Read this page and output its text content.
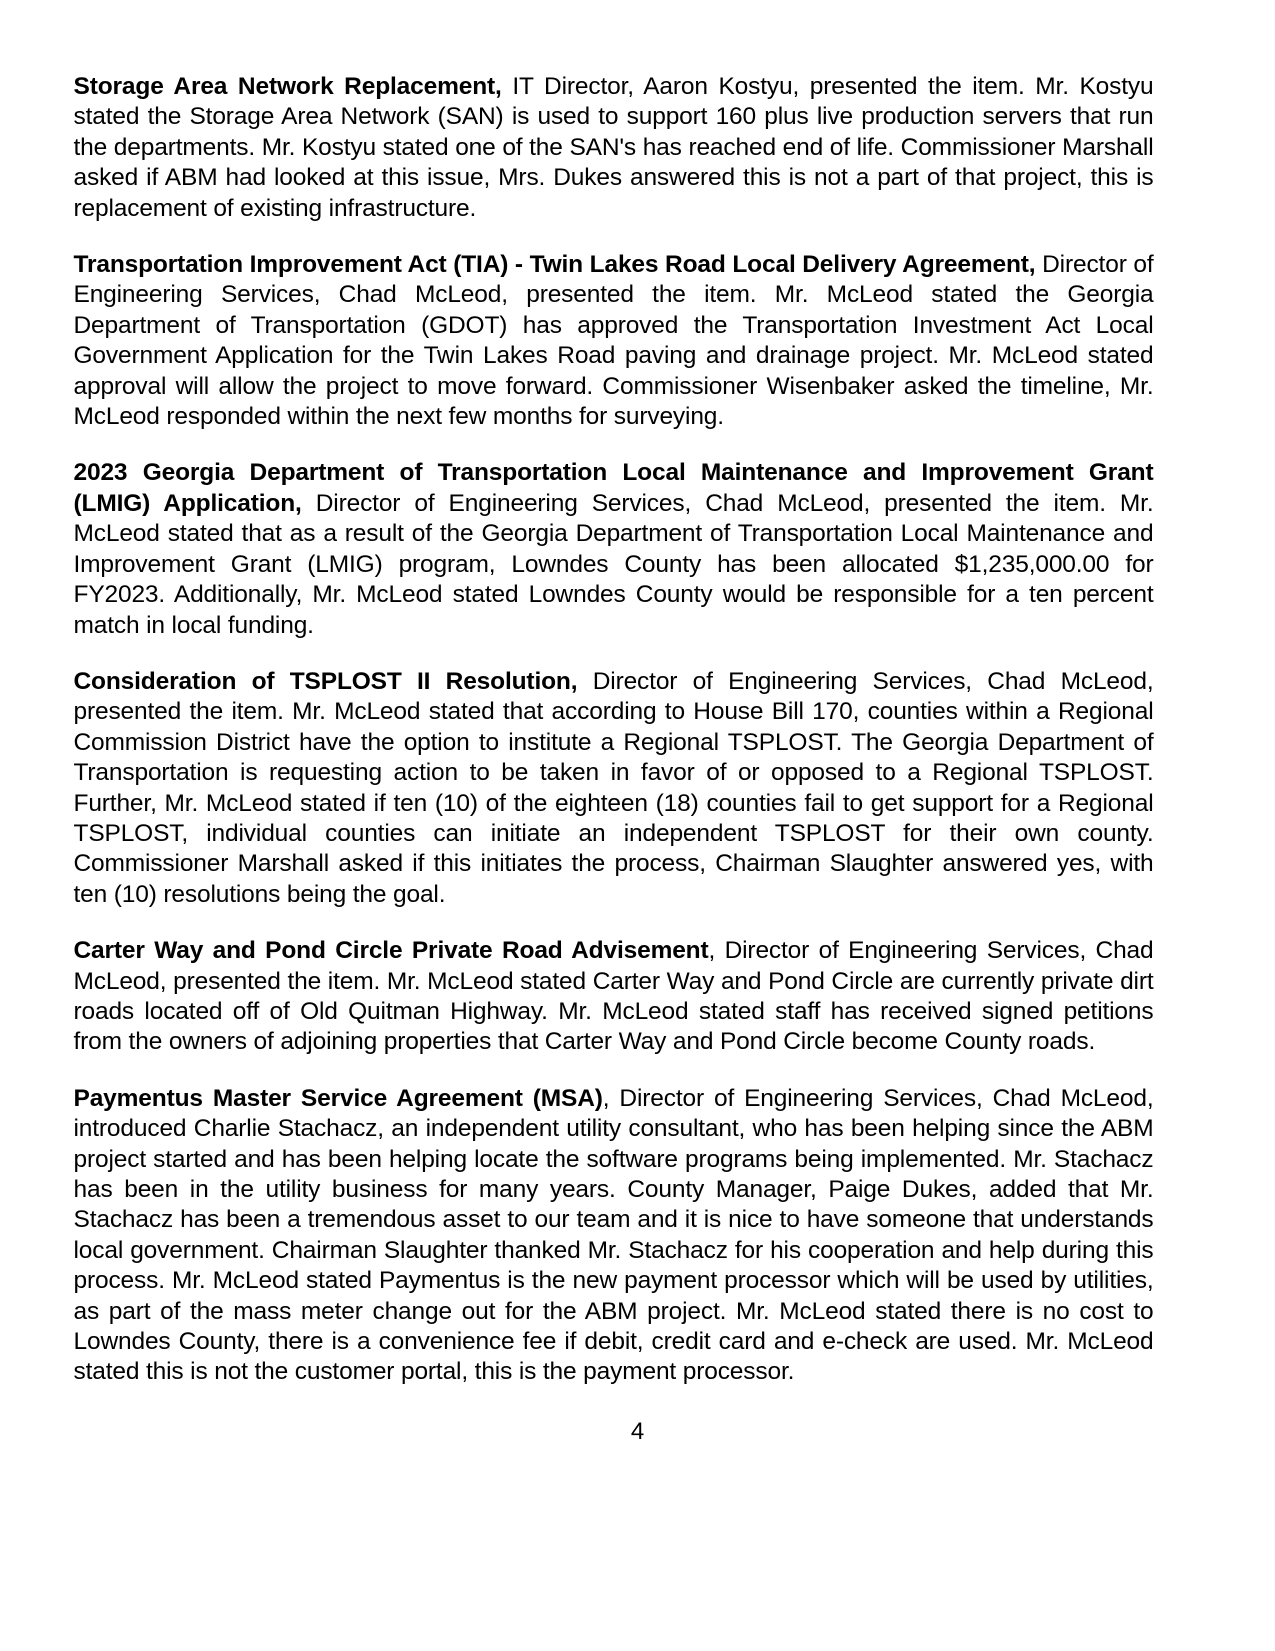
Storage Area Network Replacement, IT Director, Aaron Kostyu, presented the item. Mr. Kostyu stated the Storage Area Network (SAN) is used to support 160 plus live production servers that run the departments. Mr. Kostyu stated one of the SAN's has reached end of life. Commissioner Marshall asked if ABM had looked at this issue, Mrs. Dukes answered this is not a part of that project, this is replacement of existing infrastructure.

Transportation Improvement Act (TIA) - Twin Lakes Road Local Delivery Agreement, Director of Engineering Services, Chad McLeod, presented the item. Mr. McLeod stated the Georgia Department of Transportation (GDOT) has approved the Transportation Investment Act Local Government Application for the Twin Lakes Road paving and drainage project. Mr. McLeod stated approval will allow the project to move forward. Commissioner Wisenbaker asked the timeline, Mr. McLeod responded within the next few months for surveying.

2023 Georgia Department of Transportation Local Maintenance and Improvement Grant (LMIG) Application, Director of Engineering Services, Chad McLeod, presented the item. Mr. McLeod stated that as a result of the Georgia Department of Transportation Local Maintenance and Improvement Grant (LMIG) program, Lowndes County has been allocated $1,235,000.00 for FY2023. Additionally, Mr. McLeod stated Lowndes County would be responsible for a ten percent match in local funding.

Consideration of TSPLOST II Resolution, Director of Engineering Services, Chad McLeod, presented the item. Mr. McLeod stated that according to House Bill 170, counties within a Regional Commission District have the option to institute a Regional TSPLOST. The Georgia Department of Transportation is requesting action to be taken in favor of or opposed to a Regional TSPLOST. Further, Mr. McLeod stated if ten (10) of the eighteen (18) counties fail to get support for a Regional TSPLOST, individual counties can initiate an independent TSPLOST for their own county. Commissioner Marshall asked if this initiates the process, Chairman Slaughter answered yes, with ten (10) resolutions being the goal.

Carter Way and Pond Circle Private Road Advisement, Director of Engineering Services, Chad McLeod, presented the item. Mr. McLeod stated Carter Way and Pond Circle are currently private dirt roads located off of Old Quitman Highway. Mr. McLeod stated staff has received signed petitions from the owners of adjoining properties that Carter Way and Pond Circle become County roads.

Paymentus Master Service Agreement (MSA), Director of Engineering Services, Chad McLeod, introduced Charlie Stachacz, an independent utility consultant, who has been helping since the ABM project started and has been helping locate the software programs being implemented. Mr. Stachacz has been in the utility business for many years. County Manager, Paige Dukes, added that Mr. Stachacz has been a tremendous asset to our team and it is nice to have someone that understands local government. Chairman Slaughter thanked Mr. Stachacz for his cooperation and help during this process. Mr. McLeod stated Paymentus is the new payment processor which will be used by utilities, as part of the mass meter change out for the ABM project. Mr. McLeod stated there is no cost to Lowndes County, there is a convenience fee if debit, credit card and e-check are used. Mr. McLeod stated this is not the customer portal, this is the payment processor.

4
